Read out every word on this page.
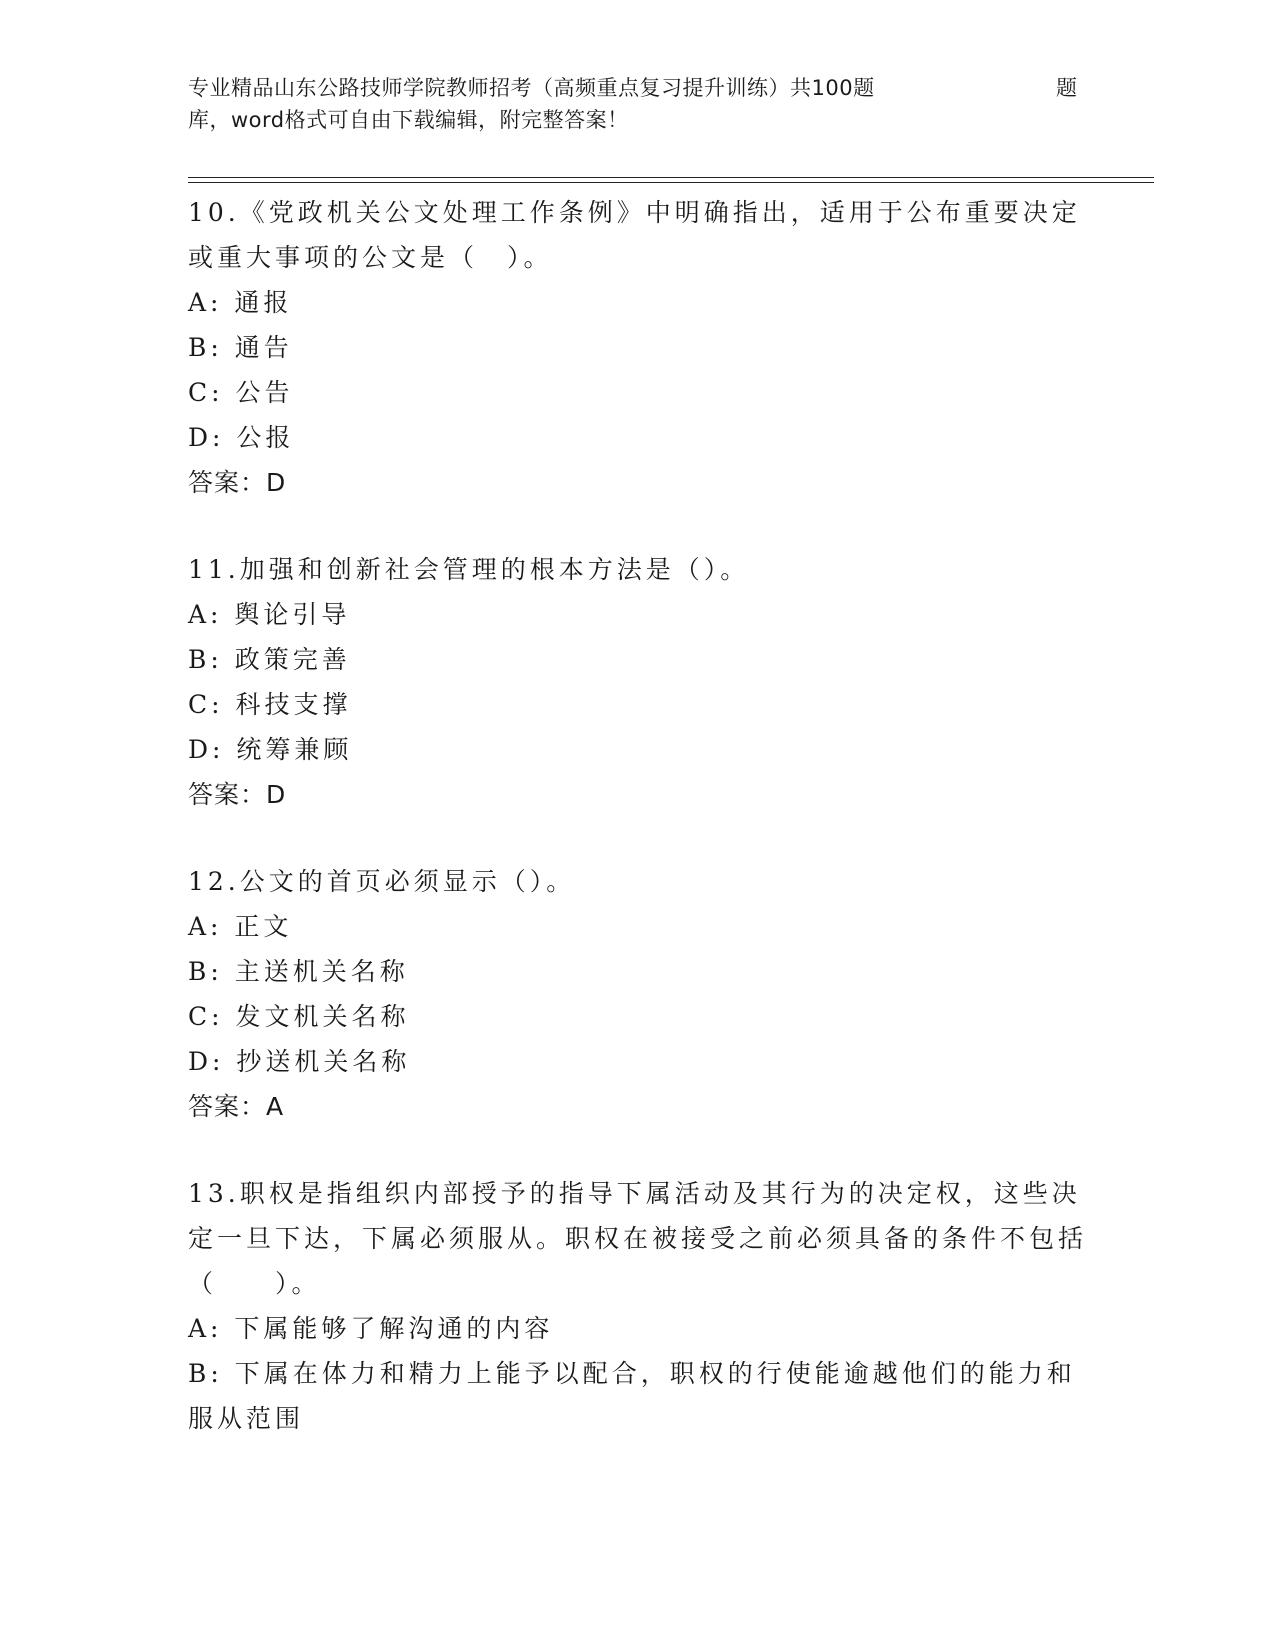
专业精品山东公路技师学院教师招考（高频重点复习提升训练）共100题	题
库，word格式可自由下载编辑，附完整答案！
10.《党政机关公文处理工作条例》中明确指出，适用于公布重要决定或重大事项的公文是（　）。
A: 通报
B: 通告
C: 公告
D: 公报
答案：D
11.加强和创新社会管理的根本方法是（）。
A: 舆论引导
B: 政策完善
C: 科技支撑
D: 统筹兼顾
答案：D
12.公文的首页必须显示（）。
A: 正文
B: 主送机关名称
C: 发文机关名称
D: 抄送机关名称
答案：A
13.职权是指组织内部授予的指导下属活动及其行为的决定权，这些决定一旦下达，下属必须服从。职权在被接受之前必须具备的条件不包括（　　）。
A: 下属能够了解沟通的内容
B: 下属在体力和精力上能予以配合，职权的行使能逾越他们的能力和服从范围
